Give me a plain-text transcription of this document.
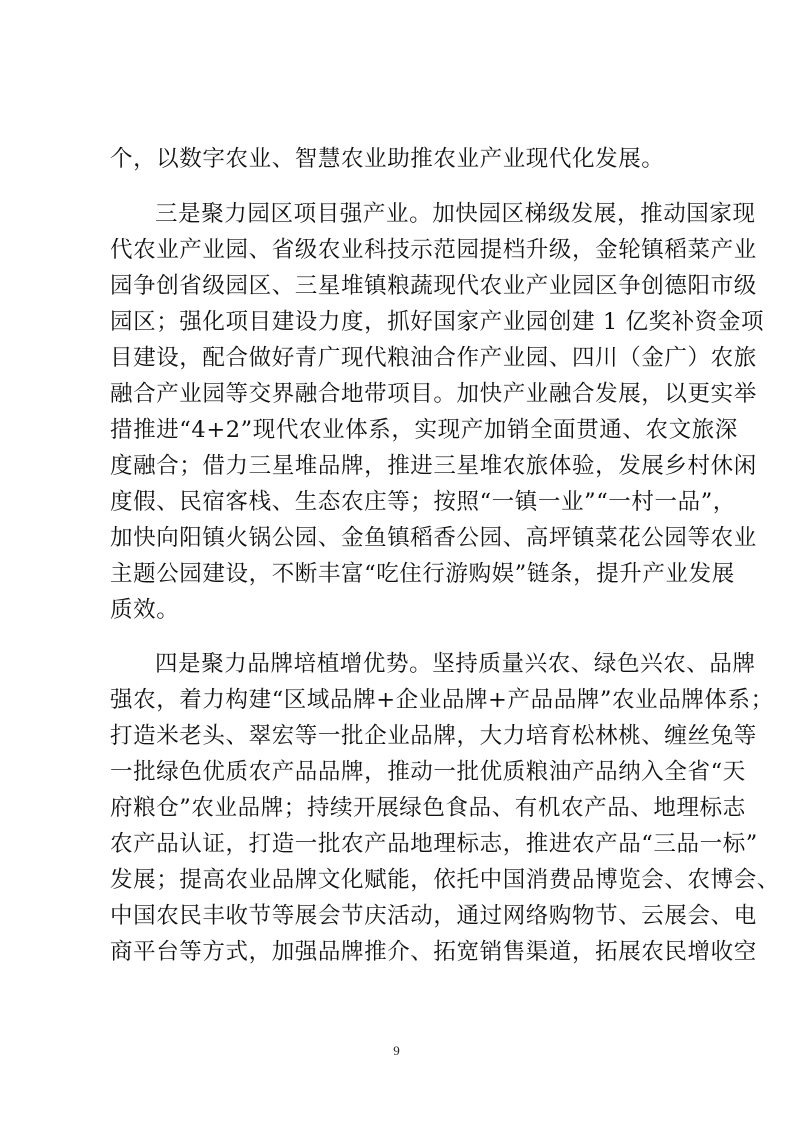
个，以数字农业、智慧农业助推农业产业现代化发展。
三是聚力园区项目强产业。加快园区梯级发展，推动国家现
代农业产业园、省级农业科技示范园提档升级，金轮镇稻菜产业
园争创省级园区、三星堆镇粮蔬现代农业产业园区争创德阳市级
园区；强化项目建设力度，抓好国家产业园创建 1 亿奖补资金项
目建设，配合做好青广现代粮油合作产业园、四川（金广）农旅
融合产业园等交界融合地带项目。加快产业融合发展，以更实举
措推进“4+2”现代农业体系，实现产加销全面贯通、农文旅深
度融合；借力三星堆品牌，推进三星堆农旅体验，发展乡村休闲
度假、民宿客栈、生态农庄等；按照“一镇一业”“一村一品”，
加快向阳镇火锅公园、金鱼镇稻香公园、高坪镇菜花公园等农业
主题公园建设，不断丰富“吃住行游购娱”链条，提升产业发展
质效。
四是聚力品牌培植增优势。坚持质量兴农、绿色兴农、品牌
强农，着力构建“区域品牌+企业品牌+产品品牌”农业品牌体系；
打造米老头、翠宏等一批企业品牌，大力培育松林桃、缠丝兔等
一批绿色优质农产品品牌，推动一批优质粮油产品纳入全省“天
府粮仓”农业品牌；持续开展绿色食品、有机农产品、地理标志
农产品认证，打造一批农产品地理标志，推进农产品“三品一标”
发展；提高农业品牌文化赋能，依托中国消费品博览会、农博会、
中国农民丰收节等展会节庆活动，通过网络购物节、云展会、电
商平台等方式，加强品牌推介、拓宽销售渠道，拓展农民增收空
9
